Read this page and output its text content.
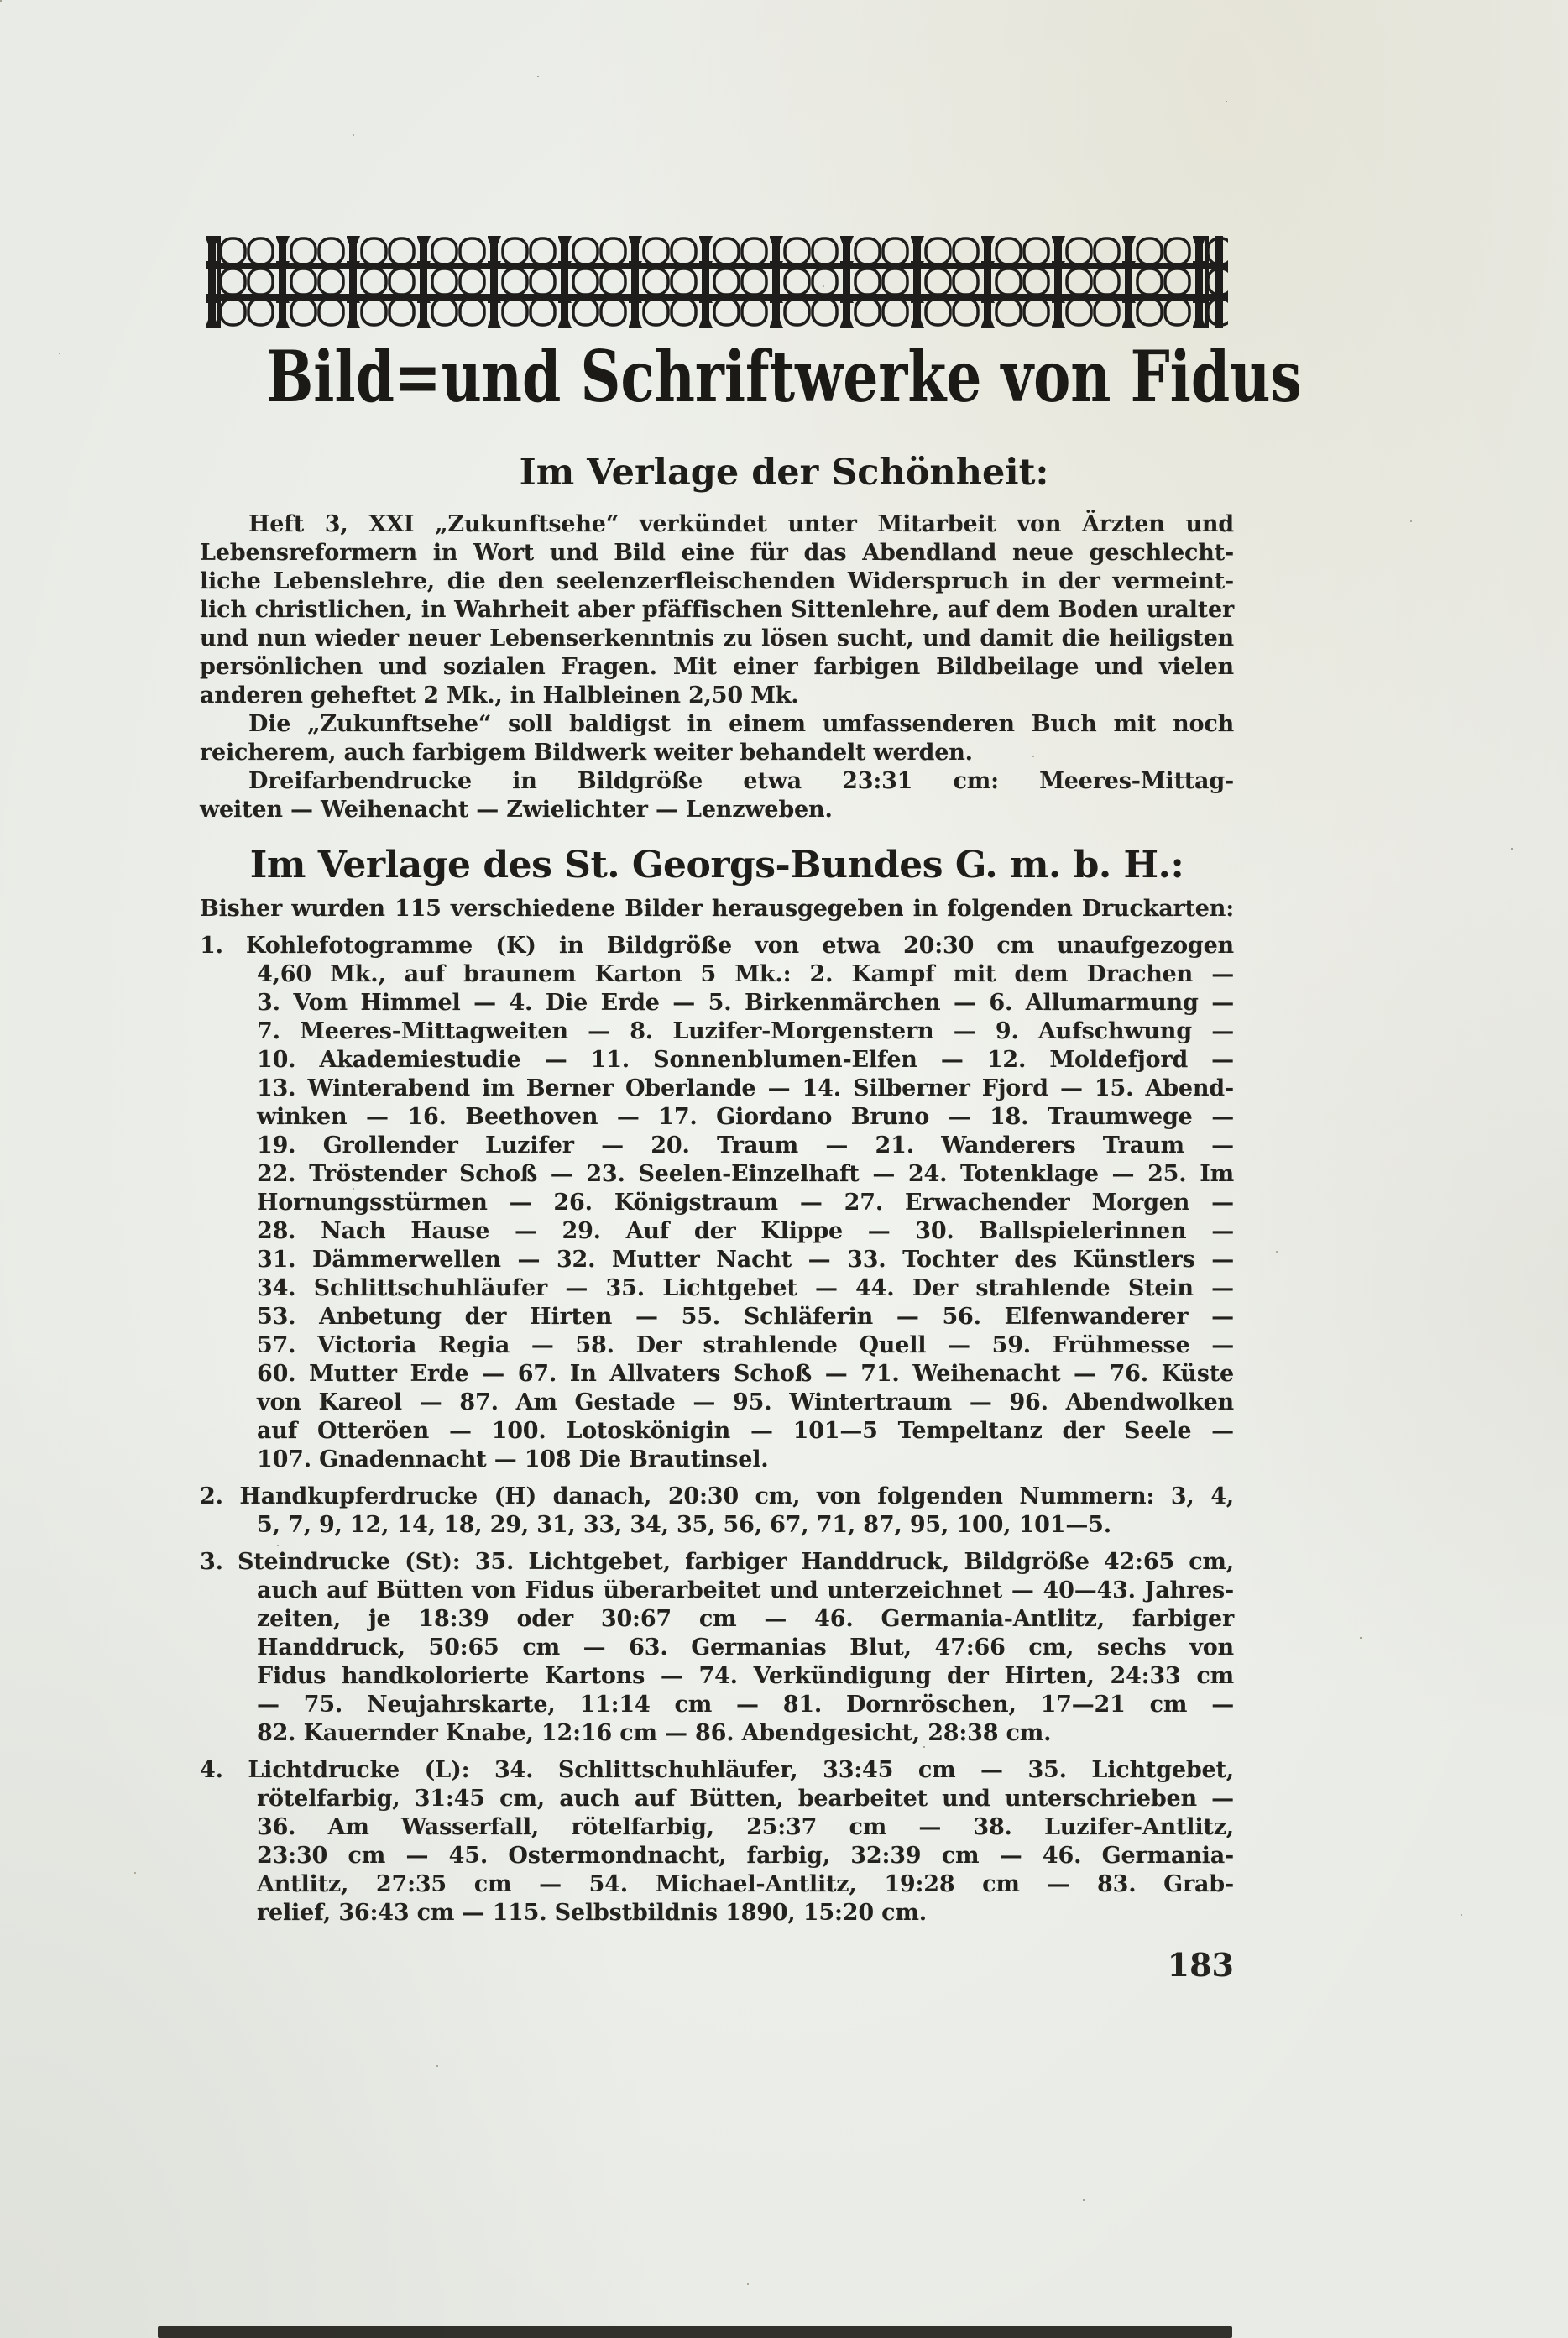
Bild=und Schriftwerke von Fidus
Im Verlage der Schönheit:
Heft 3, XXI „Zukunftsehe“ verkündet unter Mitarbeit von Ärzten und
Lebensreformern in Wort und Bild eine für das Abendland neue geschlecht-
liche Lebenslehre, die den seelenzerfleischenden Widerspruch in der vermeint-
lich christlichen, in Wahrheit aber pfäffischen Sittenlehre, auf dem Boden uralter
und nun wieder neuer Lebenserkenntnis zu lösen sucht, und damit die heiligsten
persönlichen und sozialen Fragen. Mit einer farbigen Bildbeilage und vielen
anderen geheftet 2 Mk., in Halbleinen 2,50 Mk.
Die „Zukunftsehe“ soll baldigst in einem umfassenderen Buch mit noch
reicherem, auch farbigem Bildwerk weiter behandelt werden.
Dreifarbendrucke in Bildgröße etwa 23:31 cm: Meeres-Mittag-
weiten — Weihenacht — Zwielichter — Lenzweben.
Im Verlage des St. Georgs-Bundes G. m. b. H.:
Bisher wurden 115 verschiedene Bilder herausgegeben in folgenden Druckarten:
1. Kohlefotogramme (K) in Bildgröße von etwa 20:30 cm unaufgezogen
4,60 Mk., auf braunem Karton 5 Mk.: 2. Kampf mit dem Drachen —
3. Vom Himmel — 4. Die Erde — 5. Birkenmärchen — 6. Allumarmung —
7. Meeres-Mittagweiten — 8. Luzifer-Morgenstern — 9. Aufschwung —
10. Akademiestudie — 11. Sonnenblumen-Elfen — 12. Moldefjord —
13. Winterabend im Berner Oberlande — 14. Silberner Fjord — 15. Abend-
winken — 16. Beethoven — 17. Giordano Bruno — 18. Traumwege —
19. Grollender Luzifer — 20. Traum — 21. Wanderers Traum —
22. Tröstender Schoß — 23. Seelen-Einzelhaft — 24. Totenklage — 25. Im
Hornungsstürmen — 26. Königstraum — 27. Erwachender Morgen —
28. Nach Hause — 29. Auf der Klippe — 30. Ballspielerinnen —
31. Dämmerwellen — 32. Mutter Nacht — 33. Tochter des Künstlers —
34. Schlittschuhläufer — 35. Lichtgebet — 44. Der strahlende Stein —
53. Anbetung der Hirten — 55. Schläferin — 56. Elfenwanderer —
57. Victoria Regia — 58. Der strahlende Quell — 59. Frühmesse —
60. Mutter Erde — 67. In Allvaters Schoß — 71. Weihenacht — 76. Küste
von Kareol — 87. Am Gestade — 95. Wintertraum — 96. Abendwolken
auf Otteröen — 100. Lotoskönigin — 101—5 Tempeltanz der Seele —
107. Gnadennacht — 108 Die Brautinsel.
2. Handkupferdrucke (H) danach, 20:30 cm, von folgenden Nummern: 3, 4,
5, 7, 9, 12, 14, 18, 29, 31, 33, 34, 35, 56, 67, 71, 87, 95, 100, 101—5.
3. Steindrucke (St): 35. Lichtgebet, farbiger Handdruck, Bildgröße 42:65 cm,
auch auf Bütten von Fidus überarbeitet und unterzeichnet — 40—43. Jahres-
zeiten, je 18:39 oder 30:67 cm — 46. Germania-Antlitz, farbiger
Handdruck, 50:65 cm — 63. Germanias Blut, 47:66 cm, sechs von
Fidus handkolorierte Kartons — 74. Verkündigung der Hirten, 24:33 cm
— 75. Neujahrskarte, 11:14 cm — 81. Dornröschen, 17—21 cm —
82. Kauernder Knabe, 12:16 cm — 86. Abendgesicht, 28:38 cm.
4. Lichtdrucke (L): 34. Schlittschuhläufer, 33:45 cm — 35. Lichtgebet,
rötelfarbig, 31:45 cm, auch auf Bütten, bearbeitet und unterschrieben —
36. Am Wasserfall, rötelfarbig, 25:37 cm — 38. Luzifer-Antlitz,
23:30 cm — 45. Ostermondnacht, farbig, 32:39 cm — 46. Germania-
Antlitz, 27:35 cm — 54. Michael-Antlitz, 19:28 cm — 83. Grab-
relief, 36:43 cm — 115. Selbstbildnis 1890, 15:20 cm.
183
